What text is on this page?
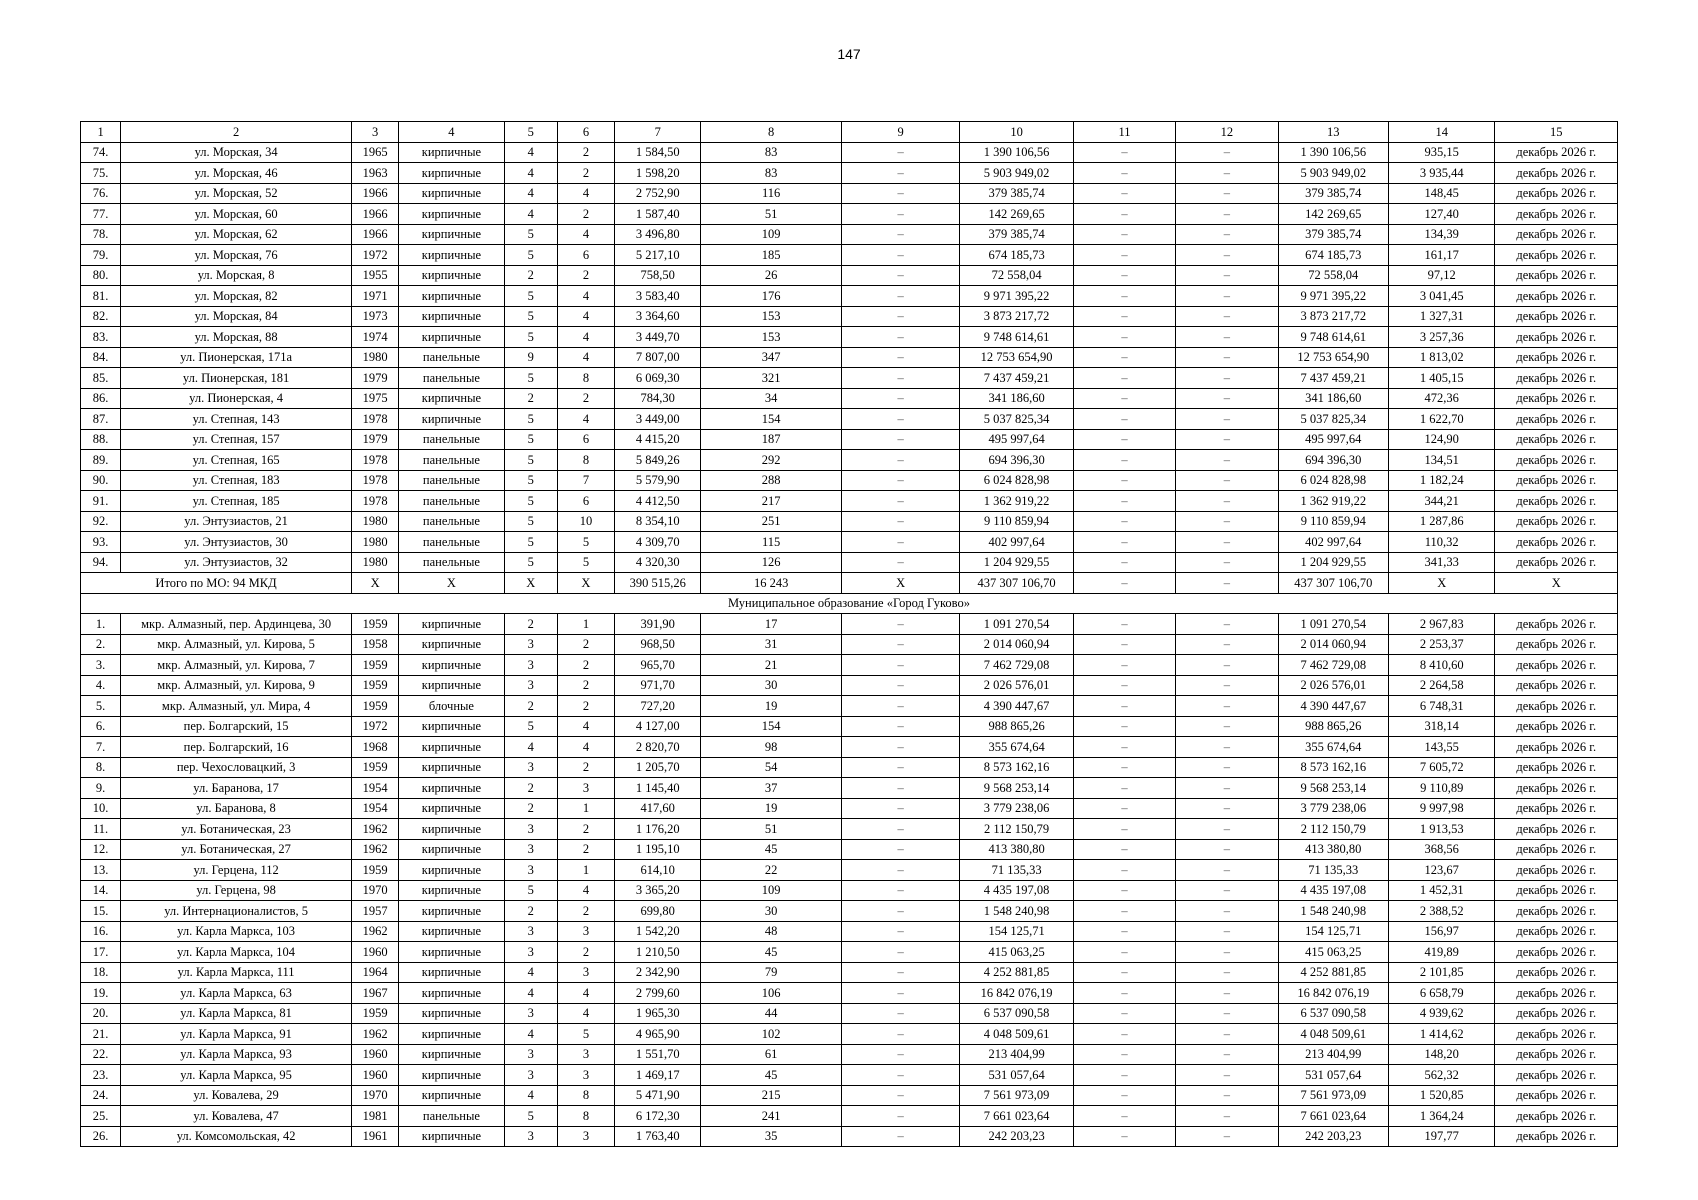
147
1	2	3	4	5	6	7	8	9	10	11	12	13	14	15
74.	ул. Морская, 34	1965	кирпичные	4	2	1 584,50	83	–	1 390 106,56	–	–	1 390 106,56	935,15	декабрь 2026 г.
75.	ул. Морская, 46	1963	кирпичные	4	2	1 598,20	83	–	5 903 949,02	–	–	5 903 949,02	3 935,44	декабрь 2026 г.
76.	ул. Морская, 52	1966	кирпичные	4	4	2 752,90	116	–	379 385,74	–	–	379 385,74	148,45	декабрь 2026 г.
77.	ул. Морская, 60	1966	кирпичные	4	2	1 587,40	51	–	142 269,65	–	–	142 269,65	127,40	декабрь 2026 г.
78.	ул. Морская, 62	1966	кирпичные	5	4	3 496,80	109	–	379 385,74	–	–	379 385,74	134,39	декабрь 2026 г.
79.	ул. Морская, 76	1972	кирпичные	5	6	5 217,10	185	–	674 185,73	–	–	674 185,73	161,17	декабрь 2026 г.
80.	ул. Морская, 8	1955	кирпичные	2	2	758,50	26	–	72 558,04	–	–	72 558,04	97,12	декабрь 2026 г.
81.	ул. Морская, 82	1971	кирпичные	5	4	3 583,40	176	–	9 971 395,22	–	–	9 971 395,22	3 041,45	декабрь 2026 г.
82.	ул. Морская, 84	1973	кирпичные	5	4	3 364,60	153	–	3 873 217,72	–	–	3 873 217,72	1 327,31	декабрь 2026 г.
83.	ул. Морская, 88	1974	кирпичные	5	4	3 449,70	153	–	9 748 614,61	–	–	9 748 614,61	3 257,36	декабрь 2026 г.
84.	ул. Пионерская, 171а	1980	панельные	9	4	7 807,00	347	–	12 753 654,90	–	–	12 753 654,90	1 813,02	декабрь 2026 г.
85.	ул. Пионерская, 181	1979	панельные	5	8	6 069,30	321	–	7 437 459,21	–	–	7 437 459,21	1 405,15	декабрь 2026 г.
86.	ул. Пионерская, 4	1975	кирпичные	2	2	784,30	34	–	341 186,60	–	–	341 186,60	472,36	декабрь 2026 г.
87.	ул. Степная, 143	1978	кирпичные	5	4	3 449,00	154	–	5 037 825,34	–	–	5 037 825,34	1 622,70	декабрь 2026 г.
88.	ул. Степная, 157	1979	панельные	5	6	4 415,20	187	–	495 997,64	–	–	495 997,64	124,90	декабрь 2026 г.
89.	ул. Степная, 165	1978	панельные	5	8	5 849,26	292	–	694 396,30	–	–	694 396,30	134,51	декабрь 2026 г.
90.	ул. Степная, 183	1978	панельные	5	7	5 579,90	288	–	6 024 828,98	–	–	6 024 828,98	1 182,24	декабрь 2026 г.
91.	ул. Степная, 185	1978	панельные	5	6	4 412,50	217	–	1 362 919,22	–	–	1 362 919,22	344,21	декабрь 2026 г.
92.	ул. Энтузиастов, 21	1980	панельные	5	10	8 354,10	251	–	9 110 859,94	–	–	9 110 859,94	1 287,86	декабрь 2026 г.
93.	ул. Энтузиастов, 30	1980	панельные	5	5	4 309,70	115	–	402 997,64	–	–	402 997,64	110,32	декабрь 2026 г.
94.	ул. Энтузиастов, 32	1980	панельные	5	5	4 320,30	126	–	1 204 929,55	–	–	1 204 929,55	341,33	декабрь 2026 г.
Итого по МО: 94 МКД		X	X	X	X	390 515,26	16 243	X	437 307 106,70	–	–	437 307 106,70	X	X
Муниципальное образование «Город Гуково»														
1.	мкр. Алмазный, пер. Ардинцева, 30	1959	кирпичные	2	1	391,90	17	–	1 091 270,54	–	–	1 091 270,54	2 967,83	декабрь 2026 г.
2.	мкр. Алмазный, ул. Кирова, 5	1958	кирпичные	3	2	968,50	31	–	2 014 060,94	–	–	2 014 060,94	2 253,37	декабрь 2026 г.
3.	мкр. Алмазный, ул. Кирова, 7	1959	кирпичные	3	2	965,70	21	–	7 462 729,08	–	–	7 462 729,08	8 410,60	декабрь 2026 г.
4.	мкр. Алмазный, ул. Кирова, 9	1959	кирпичные	3	2	971,70	30	–	2 026 576,01	–	–	2 026 576,01	2 264,58	декабрь 2026 г.
5.	мкр. Алмазный, ул. Мира, 4	1959	блочные	2	2	727,20	19	–	4 390 447,67	–	–	4 390 447,67	6 748,31	декабрь 2026 г.
6.	пер. Болгарский, 15	1972	кирпичные	5	4	4 127,00	154	–	988 865,26	–	–	988 865,26	318,14	декабрь 2026 г.
7.	пер. Болгарский, 16	1968	кирпичные	4	4	2 820,70	98	–	355 674,64	–	–	355 674,64	143,55	декабрь 2026 г.
8.	пер. Чехословацкий, 3	1959	кирпичные	3	2	1 205,70	54	–	8 573 162,16	–	–	8 573 162,16	7 605,72	декабрь 2026 г.
9.	ул. Баранова, 17	1954	кирпичные	2	3	1 145,40	37	–	9 568 253,14	–	–	9 568 253,14	9 110,89	декабрь 2026 г.
10.	ул. Баранова, 8	1954	кирпичные	2	1	417,60	19	–	3 779 238,06	–	–	3 779 238,06	9 997,98	декабрь 2026 г.
11.	ул. Ботаническая, 23	1962	кирпичные	3	2	1 176,20	51	–	2 112 150,79	–	–	2 112 150,79	1 913,53	декабрь 2026 г.
12.	ул. Ботаническая, 27	1962	кирпичные	3	2	1 195,10	45	–	413 380,80	–	–	413 380,80	368,56	декабрь 2026 г.
13.	ул. Герцена, 112	1959	кирпичные	3	1	614,10	22	–	71 135,33	–	–	71 135,33	123,67	декабрь 2026 г.
14.	ул. Герцена, 98	1970	кирпичные	5	4	3 365,20	109	–	4 435 197,08	–	–	4 435 197,08	1 452,31	декабрь 2026 г.
15.	ул. Интернационалистов, 5	1957	кирпичные	2	2	699,80	30	–	1 548 240,98	–	–	1 548 240,98	2 388,52	декабрь 2026 г.
16.	ул. Карла Маркса, 103	1962	кирпичные	3	3	1 542,20	48	–	154 125,71	–	–	154 125,71	156,97	декабрь 2026 г.
17.	ул. Карла Маркса, 104	1960	кирпичные	3	2	1 210,50	45	–	415 063,25	–	–	415 063,25	419,89	декабрь 2026 г.
18.	ул. Карла Маркса, 111	1964	кирпичные	4	3	2 342,90	79	–	4 252 881,85	–	–	4 252 881,85	2 101,85	декабрь 2026 г.
19.	ул. Карла Маркса, 63	1967	кирпичные	4	4	2 799,60	106	–	16 842 076,19	–	–	16 842 076,19	6 658,79	декабрь 2026 г.
20.	ул. Карла Маркса, 81	1959	кирпичные	3	4	1 965,30	44	–	6 537 090,58	–	–	6 537 090,58	4 939,62	декабрь 2026 г.
21.	ул. Карла Маркса, 91	1962	кирпичные	4	5	4 965,90	102	–	4 048 509,61	–	–	4 048 509,61	1 414,62	декабрь 2026 г.
22.	ул. Карла Маркса, 93	1960	кирпичные	3	3	1 551,70	61	–	213 404,99	–	–	213 404,99	148,20	декабрь 2026 г.
23.	ул. Карла Маркса, 95	1960	кирпичные	3	3	1 469,17	45	–	531 057,64	–	–	531 057,64	562,32	декабрь 2026 г.
24.	ул. Ковалева, 29	1970	кирпичные	4	8	5 471,90	215	–	7 561 973,09	–	–	7 561 973,09	1 520,85	декабрь 2026 г.
25.	ул. Ковалева, 47	1981	панельные	5	8	6 172,30	241	–	7 661 023,64	–	–	7 661 023,64	1 364,24	декабрь 2026 г.
26.	ул. Комсомольская, 42	1961	кирпичные	3	3	1 763,40	35	–	242 203,23	–	–	242 203,23	197,77	декабрь 2026 г.
